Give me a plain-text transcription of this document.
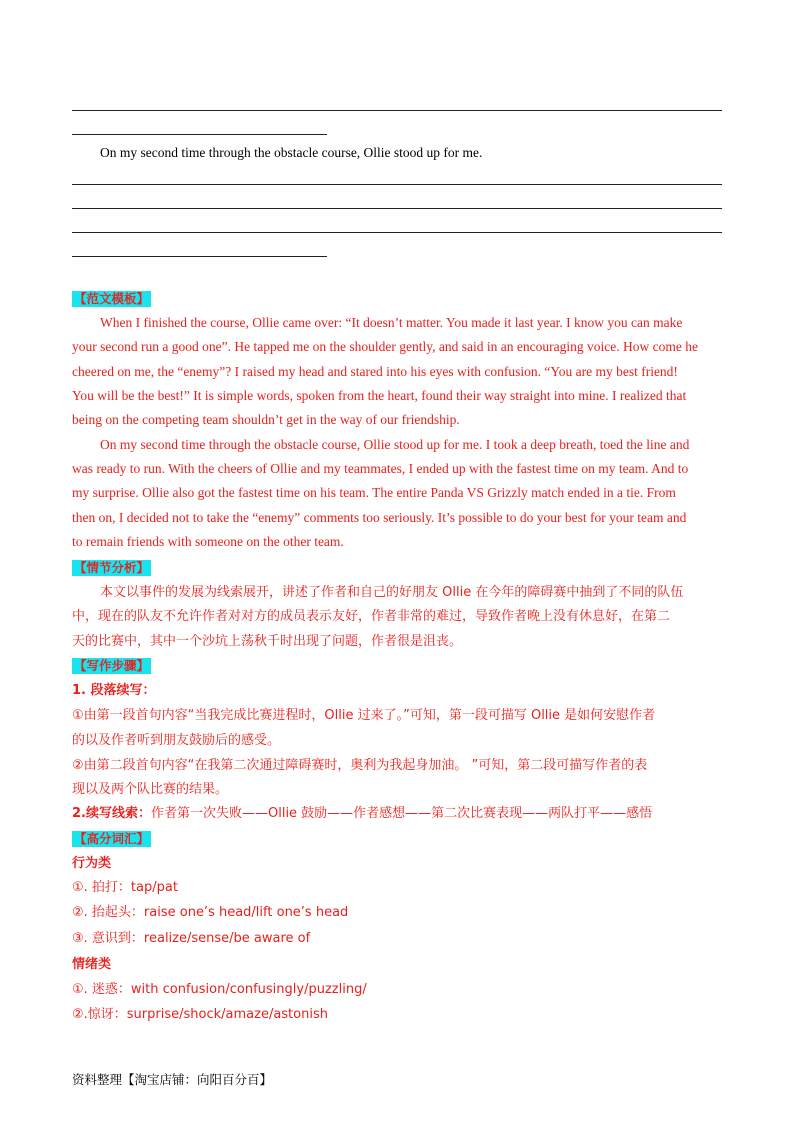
On my second time through the obstacle course, Ollie stood up for me.
【范文模板】
When I finished the course, Ollie came over: “It doesn’t matter. You made it last year. I know you can make
your second run a good one”. He tapped me on the shoulder gently, and said in an encouraging voice. How come he
cheered on me, the “enemy”? I raised my head and stared into his eyes with confusion. “You are my best friend!
You will be the best!” It is simple words, spoken from the heart, found their way straight into mine. I realized that
being on the competing team shouldn’t get in the way of our friendship.
On my second time through the obstacle course, Ollie stood up for me. I took a deep breath, toed the line and
was ready to run. With the cheers of Ollie and my teammates, I ended up with the fastest time on my team. And to
my surprise. Ollie also got the fastest time on his team. The entire Panda VS Grizzly match ended in a tie. From
then on, I decided not to take the “enemy” comments too seriously. It’s possible to do your best for your team and
to remain friends with someone on the other team.
【情节分析】
本文以事件的发展为线索展开，讲述了作者和自己的好朋友 Ollie 在今年的障碍赛中抽到了不同的队伍
中，现在的队友不允许作者对对方的成员表示友好，作者非常的难过，导致作者晚上没有休息好，在第二
天的比赛中，其中一个沙坑上荡秋千时出现了问题，作者很是沮丧。
【写作步骤】
1. 段落续写：
①由第一段首句内容“当我完成比赛进程时，Ollie 过来了。”可知，第一段可描写 Ollie 是如何安慰作者
的以及作者听到朋友鼓励后的感受。
②由第二段首句内容“在我第二次通过障碍赛时，奥利为我起身加油。 ”可知，第二段可描写作者的表
现以及两个队比赛的结果。
2.续写线索：作者第一次失败——Ollie 鼓励——作者感想——第二次比赛表现——两队打平——感悟
【高分词汇】
行为类
①. 拍打：tap/pat
②. 抬起头：raise one’s head/lift one’s head
③. 意识到：realize/sense/be aware of
情绪类
①. 迷惑：with confusion/confusingly/puzzling/
②.惊讶：surprise/shock/amaze/astonish
资料整理【淘宝店铺：向阳百分百】
